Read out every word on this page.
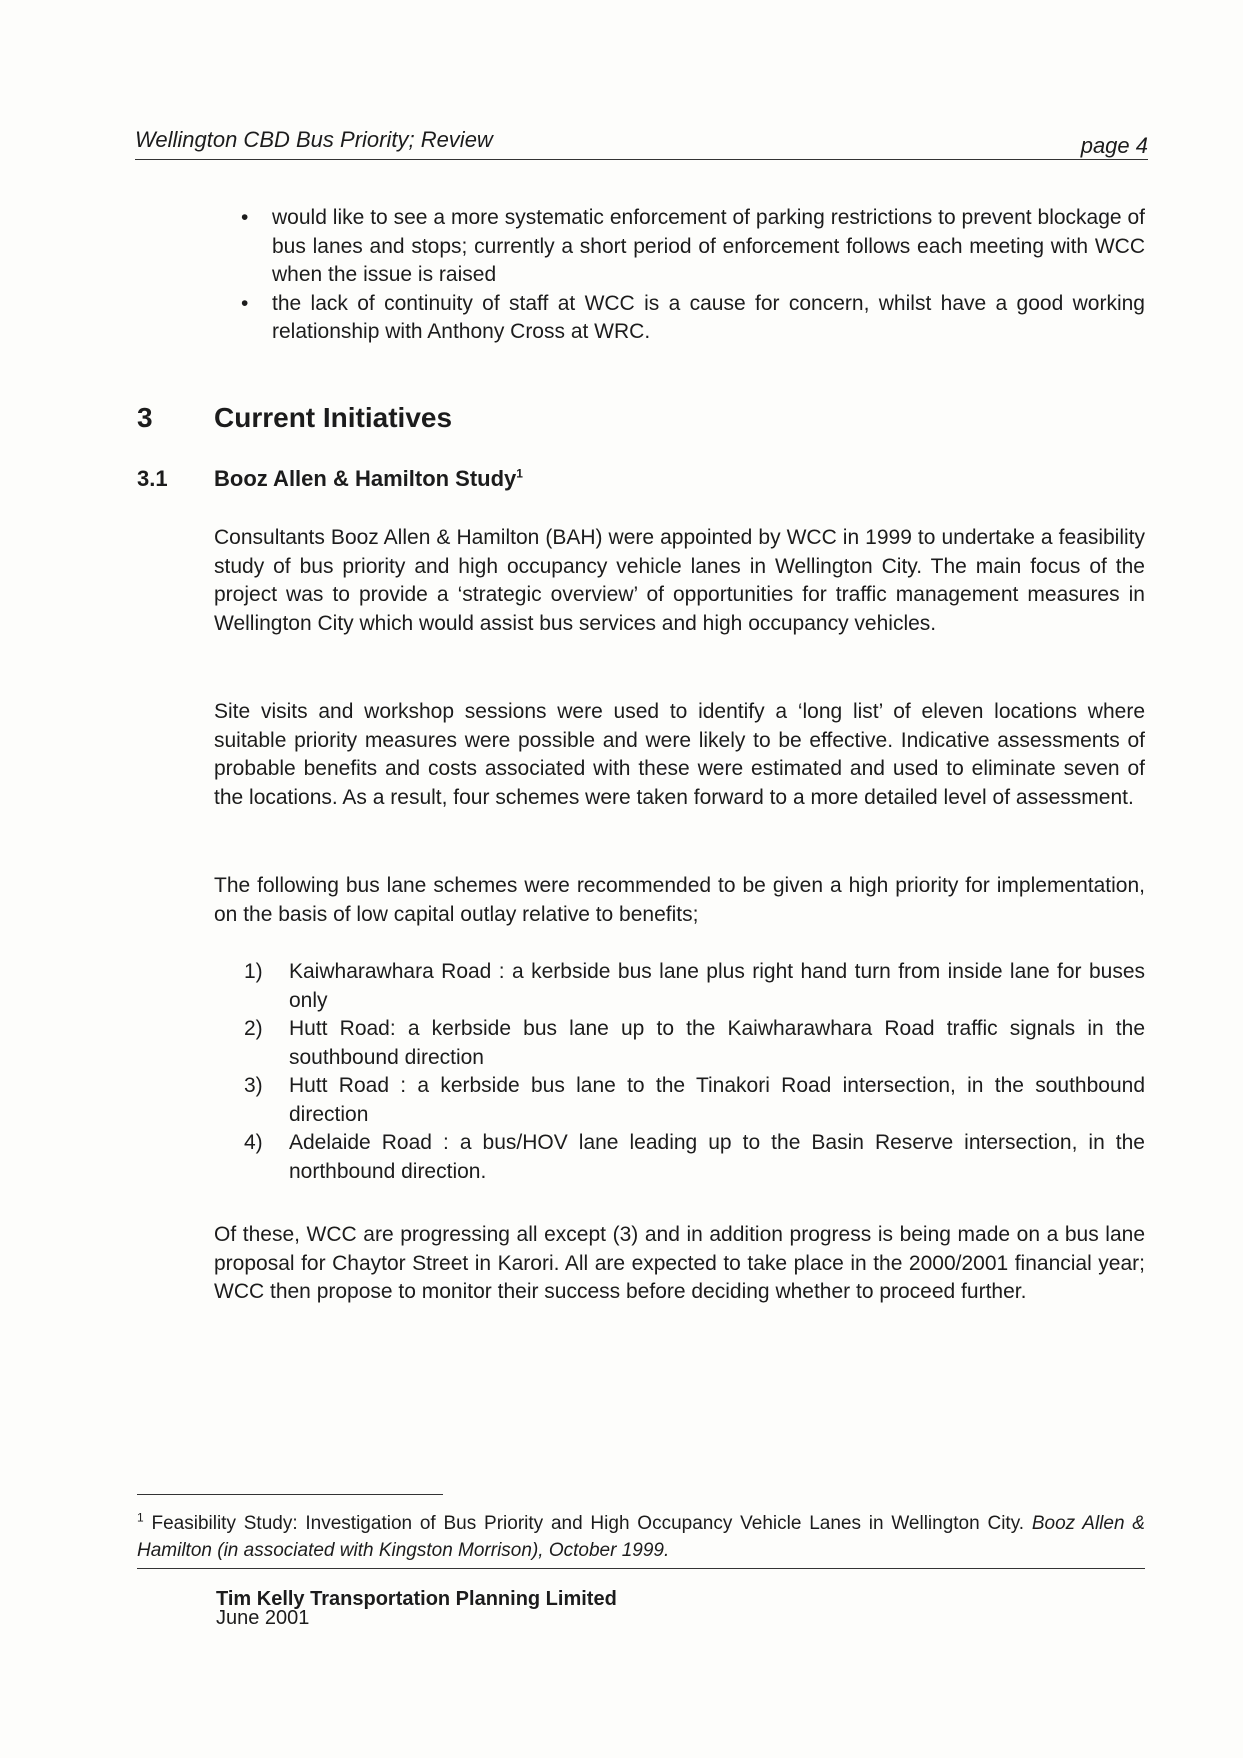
Wellington CBD Bus Priority; Review	page 4
• would like to see a more systematic enforcement of parking restrictions to prevent blockage of bus lanes and stops; currently a short period of enforcement follows each meeting with WCC when the issue is raised
• the lack of continuity of staff at WCC is a cause for concern, whilst have a good working relationship with Anthony Cross at WRC.
3 Current Initiatives
3.1 Booz Allen & Hamilton Study$^1$

Consultants Booz Allen & Hamilton (BAH) were appointed by WCC in 1999 to undertake a feasibility study of bus priority and high occupancy vehicle lanes in Wellington City. The main focus of the project was to provide a ‘strategic overview’ of opportunities for traffic management measures in Wellington City which would assist bus services and high occupancy vehicles.

Site visits and workshop sessions were used to identify a ‘long list’ of eleven locations where suitable priority measures were possible and were likely to be effective. Indicative assessments of probable benefits and costs associated with these were estimated and used to eliminate seven of the locations. As a result, four schemes were taken forward to a more detailed level of assessment.

The following bus lane schemes were recommended to be given a high priority for implementation, on the basis of low capital outlay relative to benefits;

1) Kaiwharawhara Road : a kerbside bus lane plus right hand turn from inside lane for buses only
2) Hutt Road: a kerbside bus lane up to the Kaiwharawhara Road traffic signals in the southbound direction
3) Hutt Road : a kerbside bus lane to the Tinakori Road intersection, in the southbound direction
4) Adelaide Road : a bus/HOV lane leading up to the Basin Reserve intersection, in the northbound direction.

Of these, WCC are progressing all except (3) and in addition progress is being made on a bus lane proposal for Chaytor Street in Karori. All are expected to take place in the 2000/2001 financial year; WCC then propose to monitor their success before deciding whether to proceed further.

$^1$ Feasibility Study: Investigation of Bus Priority and High Occupancy Vehicle Lanes in Wellington City. Booz Allen & Hamilton (in associated with Kingston Morrison), October 1999.
Tim Kelly Transportation Planning Limited
June 2001
